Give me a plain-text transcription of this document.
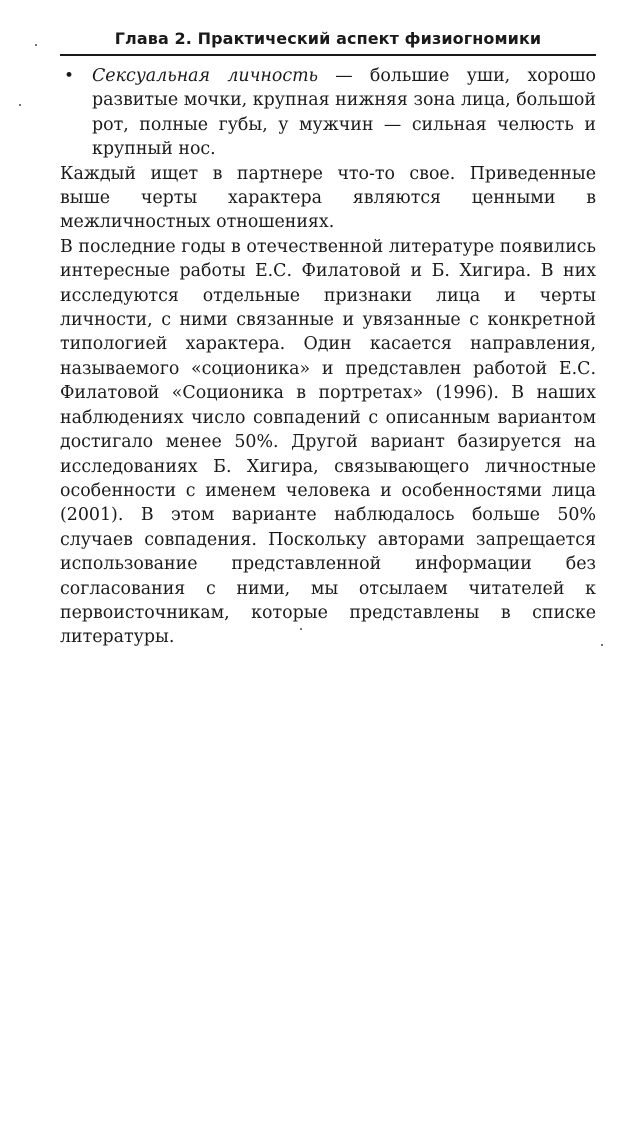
Глава 2. Практический аспект физиогномики

• Сексуальная личность — большие уши, хорошо развитые мочки, крупная нижняя зона лица, большой рот, полные губы, у мужчин — сильная челюсть и крупный нос.

Каждый ищет в партнере что-то свое. Приведенные выше черты характера являются ценными в межличностных отношениях.

В последние годы в отечественной литературе появились интересные работы Е.С. Филатовой и Б. Хигира. В них исследуются отдельные признаки лица и черты личности, с ними связанные и увязанные с конкретной типологией характера. Один касается направления, называемого «соционика» и представлен работой Е.С. Филатовой «Соционика в портретах» (1996). В наших наблюдениях число совпадений с описанным вариантом достигало менее 50%. Другой вариант базируется на исследованиях Б. Хигира, связывающего личностные особенности с именем человека и особенностями лица (2001). В этом варианте наблюдалось больше 50% случаев совпадения. Поскольку авторами запрещается использование представленной информации без согласования с ними, мы отсылаем читателей к первоисточникам, которые представлены в списке литературы.
